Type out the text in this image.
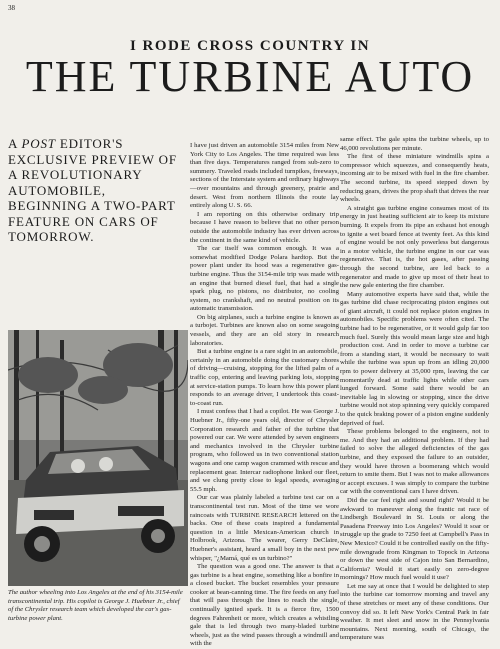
38
I RODE CROSS COUNTRY IN
THE TURBINE AUTO
A POST EDITOR'S EXCLUSIVE PREVIEW OF A REVOLUTIONARY AUTOMOBILE, BEGINNING A TWO-PART FEATURE ON CARS OF TOMORROW.
The author wheeling into Los Angeles at the end of his 3154-mile transcontinental trip. His copilot is George J. Huebner Jr., chief of the Chrysler research team which developed the car's gas-turbine power plant.

I have just driven an automobile 3154 miles from New York City to Los Angeles. The time required was less than five days. Temperatures ranged from sub-zero to summery. Traveled roads included turnpikes, freeways, sections of the Interstate system and ordinary highways—over mountains and through greenery, prairie and desert. West from northern Illinois the route lay entirely along U. S. 66.

I am reporting on this otherwise ordinary trip because I have reason to believe that no other person outside the automobile industry has ever driven across the continent in the same kind of vehicle.

The car itself was common enough. It was a somewhat modified Dodge Polara hardtop. But the power plant under its hood was a regenerative gas-turbine engine. Thus the 3154-mile trip was made with an engine that burned diesel fuel, that had a single spark plug, no pistons, no distributor, no cooling system, no crankshaft, and no neutral position on its automatic transmission.

On big airplanes, such a turbine engine is known as a turbojet. Turbines are known also on some seagoing vessels, and they are an old story in research laboratories.

But a turbine engine is a rare sight in an automobile, certainly in an automobile doing the customary chores of driving—cruising, stopping for the lifted palm of a traffic cop, entering and leaving parking lots, stopping at service-station pumps. To learn how this power plant responds to an average driver, I undertook this coast-to-coast run.

I must confess that I had a copilot. He was George J. Huebner Jr., fifty-one years old, director of Chrysler Corporation research and father of the turbine that powered our car. We were attended by seven engineers and mechanics involved in the Chrysler turbine program, who followed us in two conventional station wagons and one camp wagon crammed with rescue and replacement gear. Intercar radiophone linked our fleet, and we clung pretty close to legal speeds, averaging 55.5 mph.

Our car was plainly labeled a turbine test car on a transcontinental test run. Most of the time we wore raincoats with TURBINE RESEARCH lettered on the backs. One of these coats inspired a fundamental question in a little Mexican-American church in Holbrook, Arizona. The wearer, Gerry DeClaire, Huebner's assistant, heard a small boy in the next pew whisper, "¿Mamá, qué es un turbino?"

The question was a good one. The answer is that a gas turbine is a heat engine, something like a bonfire in a closed bucket. The bucket resembles your pressure cooker at bean-canning time. The fire feeds on any fuel that will pass through the lines to reach the single, continually ignited spark. It is a fierce fire, 1500 degrees Fahrenheit or more, which creates a whistling gale that is led through two many-bladed turbine wheels, just as the wind passes through a windmill and with the

same effect. The gale spins the turbine wheels, up to 46,000 revolutions per minute.

The first of these miniature windmills spins a compressor which squeezes, and consequently heats, incoming air to be mixed with fuel in the fire chamber. The second turbine, its speed stepped down by reducing gears, drives the prop shaft that drives the rear wheels.

A straight gas turbine engine consumes most of its energy in just heating sufficient air to keep its mixture burning. It expels from its pipe an exhaust hot enough to ignite a wet board fence at twenty feet. As this kind of engine would be not only powerless but dangerous in a motor vehicle, the turbine engine in our car was regenerative. That is, the hot gases, after passing through the second turbine, are led back to a regenerator and made to give up most of their heat to the new gale entering the fire chamber.

Many automotive experts have said that, while the gas turbine did chase reciprocating piston engines out of giant aircraft, it could not replace piston engines in automobiles. Specific problems were often cited. The turbine had to be regenerative, or it would gulp far too much fuel. Surely this would mean large size and high production cost. And in order to move a turbine car from a standing start, it would be necessary to wait while the turbine was spun up from an idling 20,000 rpm to power delivery at 35,000 rpm, leaving the car momentarily dead at traffic lights while other cars lunged forward. Some said there would be an inevitable lag in slowing or stopping, since the drive turbine would not stop spinning very quickly compared to the quick braking power of a piston engine suddenly deprived of fuel.

These problems belonged to the engineers, not to me. And they had an additional problem. If they had failed to solve the alleged deficiencies of the gas turbine, and they exposed the failure to an outsider, they would have thrown a boomerang which would return to smite them. But I was not to make allowances or accept excuses. I was simply to compare the turbine car with the conventional cars I have driven.

Did the car feel right and sound right? Would it be awkward to maneuver along the frantic rat race of Lindbergh Boulevard in St. Louis or along the Pasadena Freeway into Los Angeles? Would it soar or struggle up the grade to 7250 feet at Campbell's Pass in New Mexico? Could it be controlled easily on the fifty-mile downgrade from Kingman to Topock in Arizona or down the west side of Cajon into San Bernardino, California? Would it start easily on zero-degree mornings? How much fuel would it use?

Let me say at once that I would be delighted to step into the turbine car tomorrow morning and travel any of these stretches or meet any of these conditions. Our convoy did so. It left New York's Central Park in fair weather. It met sleet and snow in the Pennsylvania mountains. Next morning, south of Chicago, the temperature was
